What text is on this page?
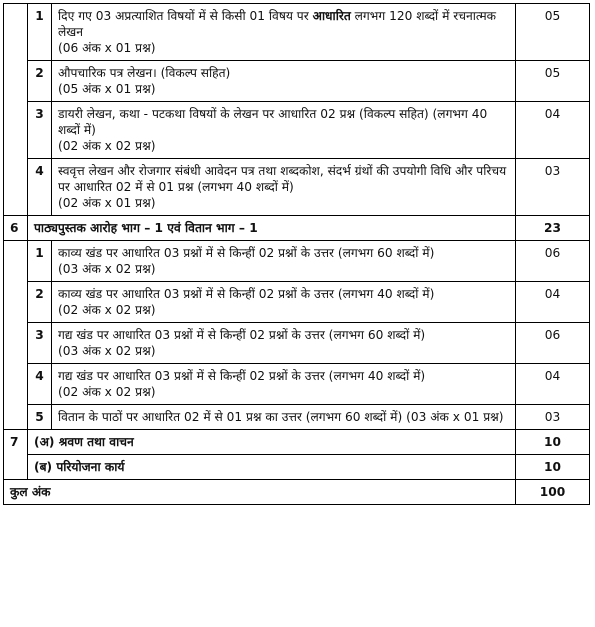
	1	दिए गए 03 अप्रत्याशित विषयों में से किसी 01 विषय पर आधारित लगभग 120 शब्दों में रचनात्मक लेखन
(06 अंक x 01 प्रश्न)	05
	2	औपचारिक पत्र लेखन। (विकल्प सहित)
(05 अंक x 01 प्रश्न)	05
	3	डायरी लेखन, कथा - पटकथा विषयों के लेखन पर आधारित 02 प्रश्न (विकल्प सहित) (लगभग 40 शब्दों में)
(02 अंक x 02 प्रश्न)	04
	4	स्ववृत्त लेखन और रोजगार संबंधी आवेदन पत्र तथा शब्दकोश, संदर्भ ग्रंथों की उपयोगी विधि और परिचय पर आधारित 02 में से 01 प्रश्न (लगभग 40 शब्दों में)
(02 अंक x 01 प्रश्न)	03
6	पाठ्यपुस्तक आरोह भाग – 1 एवं वितान भाग – 1		23
	1	काव्य खंड पर आधारित 03 प्रश्नों में से किन्हीं 02 प्रश्नों के उत्तर (लगभग 60 शब्दों में)
(03 अंक x 02 प्रश्न)	06
	2	काव्य खंड पर आधारित 03 प्रश्नों में से किन्हीं 02 प्रश्नों के उत्तर (लगभग 40 शब्दों में)
(02 अंक x 02 प्रश्न)	04
	3	गद्य खंड पर आधारित 03 प्रश्नों में से किन्हीं 02 प्रश्नों के उत्तर (लगभग 60 शब्दों में)
(03 अंक x 02 प्रश्न)	06
	4	गद्य खंड पर आधारित 03 प्रश्नों में से किन्हीं 02 प्रश्नों के उत्तर (लगभग 40 शब्दों में)
(02 अंक x 02 प्रश्न)	04
	5	वितान के पाठों पर आधारित 02 में से 01 प्रश्न का उत्तर (लगभग 60 शब्दों में) (03 अंक x 01 प्रश्न)	03
7	(अ) श्रवण तथा वाचन		10
	(ब) परियोजना कार्य		10
कुल अंक			100
